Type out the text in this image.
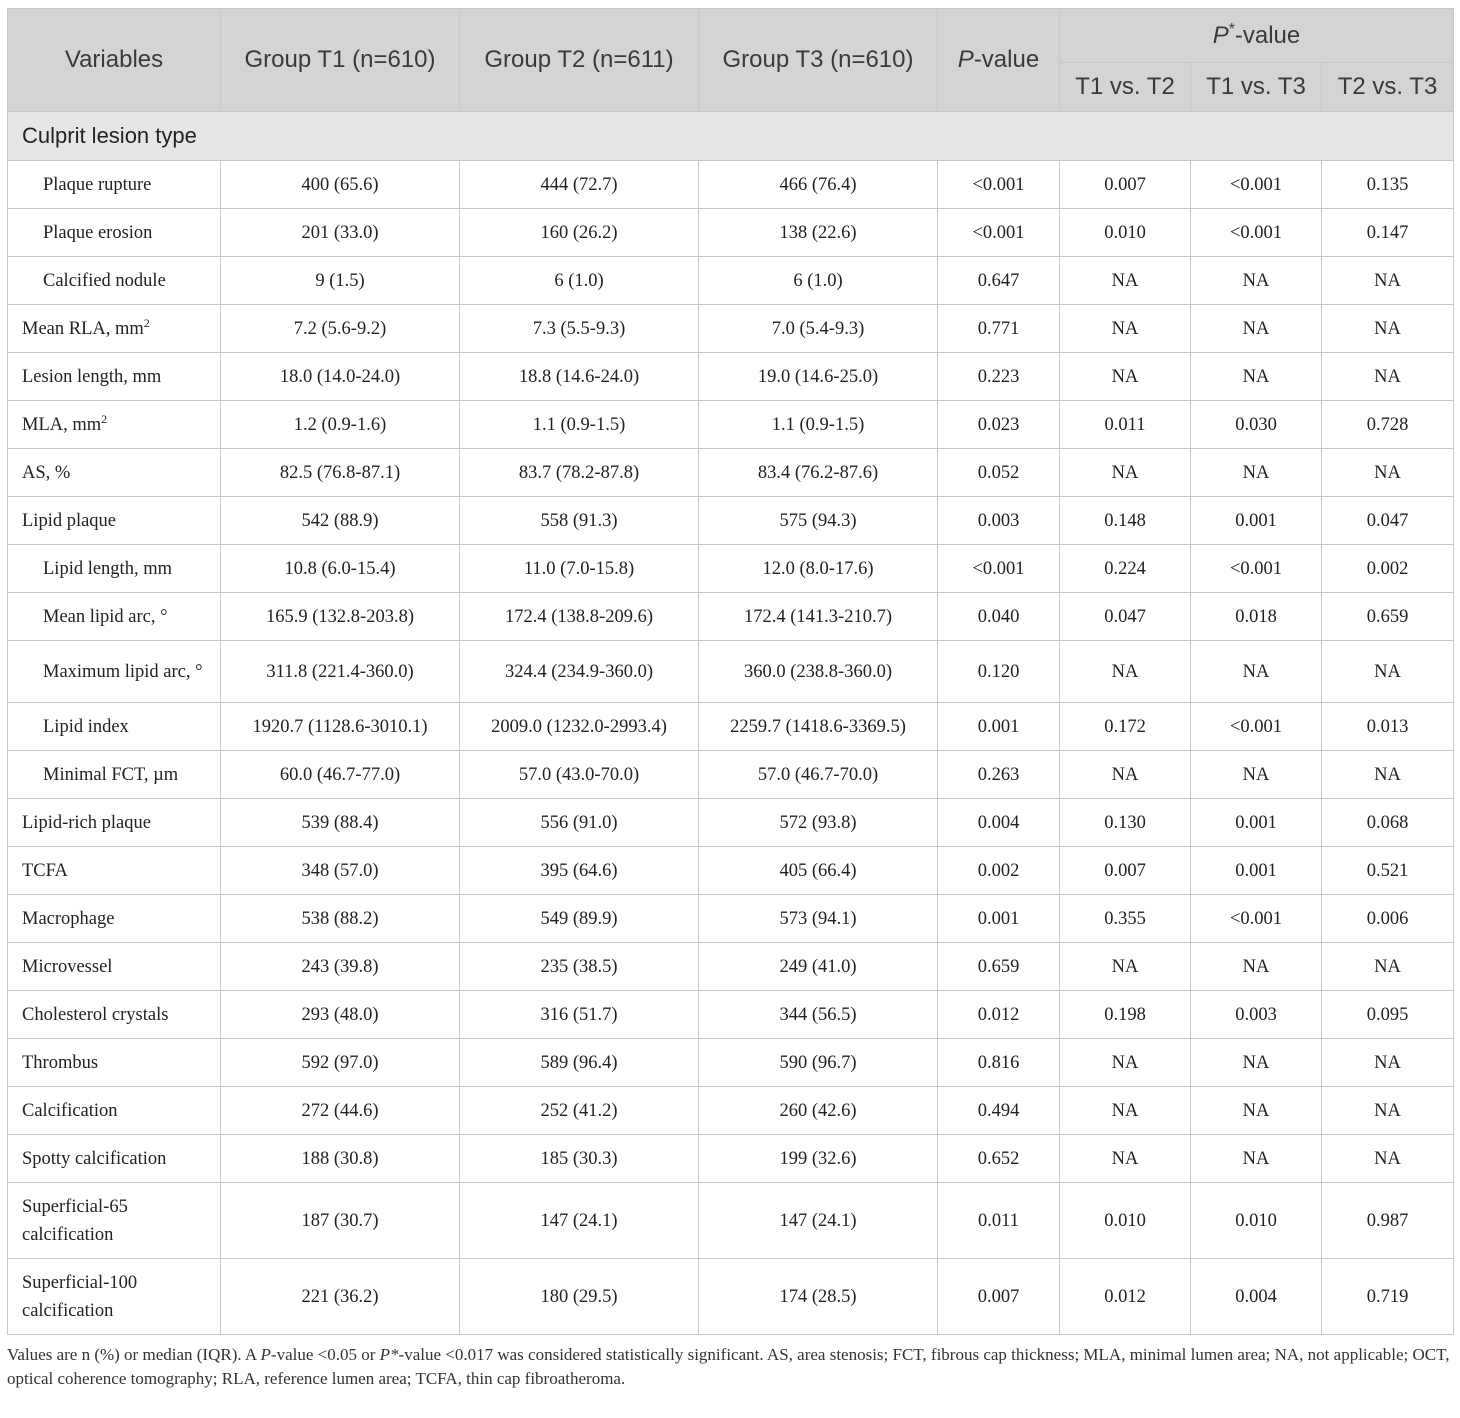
Variables	Group T1 (n=610)	Group T2 (n=611)	Group T3 (n=610)	P-value	P*-value		
					T1 vs. T2	T1 vs. T3	T2 vs. T3
Culprit lesion type							
Plaque rupture	400 (65.6)	444 (72.7)	466 (76.4)	<0.001	0.007	<0.001	0.135
Plaque erosion	201 (33.0)	160 (26.2)	138 (22.6)	<0.001	0.010	<0.001	0.147
Calcified nodule	9 (1.5)	6 (1.0)	6 (1.0)	0.647	NA	NA	NA
Mean RLA, $mm^2$	7.2 (5.6-9.2)	7.3 (5.5-9.3)	7.0 (5.4-9.3)	0.771	NA	NA	NA
Lesion length, mm	18.0 (14.0-24.0)	18.8 (14.6-24.0)	19.0 (14.6-25.0)	0.223	NA	NA	NA
MLA, $mm^2$	1.2 (0.9-1.6)	1.1 (0.9-1.5)	1.1 (0.9-1.5)	0.023	0.011	0.030	0.728
AS, %	82.5 (76.8-87.1)	83.7 (78.2-87.8)	83.4 (76.2-87.6)	0.052	NA	NA	NA
Lipid plaque	542 (88.9)	558 (91.3)	575 (94.3)	0.003	0.148	0.001	0.047
Lipid length, mm	10.8 (6.0-15.4)	11.0 (7.0-15.8)	12.0 (8.0-17.6)	<0.001	0.224	<0.001	0.002
Mean lipid arc, °	165.9 (132.8-203.8)	172.4 (138.8-209.6)	172.4 (141.3-210.7)	0.040	0.047	0.018	0.659
Maximum lipid arc, °	311.8 (221.4-360.0)	324.4 (234.9-360.0)	360.0 (238.8-360.0)	0.120	NA	NA	NA
Lipid index	1920.7 (1128.6-3010.1)	2009.0 (1232.0-2993.4)	2259.7 (1418.6-3369.5)	0.001	0.172	<0.001	0.013
Minimal FCT, µm	60.0 (46.7-77.0)	57.0 (43.0-70.0)	57.0 (46.7-70.0)	0.263	NA	NA	NA
Lipid-rich plaque	539 (88.4)	556 (91.0)	572 (93.8)	0.004	0.130	0.001	0.068
TCFA	348 (57.0)	395 (64.6)	405 (66.4)	0.002	0.007	0.001	0.521
Macrophage	538 (88.2)	549 (89.9)	573 (94.1)	0.001	0.355	<0.001	0.006
Microvessel	243 (39.8)	235 (38.5)	249 (41.0)	0.659	NA	NA	NA
Cholesterol crystals	293 (48.0)	316 (51.7)	344 (56.5)	0.012	0.198	0.003	0.095
Thrombus	592 (97.0)	589 (96.4)	590 (96.7)	0.816	NA	NA	NA
Calcification	272 (44.6)	252 (41.2)	260 (42.6)	0.494	NA	NA	NA
Spotty calcification	188 (30.8)	185 (30.3)	199 (32.6)	0.652	NA	NA	NA
Superficial-65 calcification	187 (30.7)	147 (24.1)	147 (24.1)	0.011	0.010	0.010	0.987
Superficial-100 calcification	221 (36.2)	180 (29.5)	174 (28.5)	0.007	0.012	0.004	0.719
Values are n (%) or median (IQR). A P-value <0.05 or P*-value <0.017 was considered statistically significant. AS, area stenosis; FCT, fibrous cap thickness; MLA, minimal lumen area; NA, not applicable; OCT, optical coherence tomography; RLA, reference lumen area; TCFA, thin cap fibroatheroma.
